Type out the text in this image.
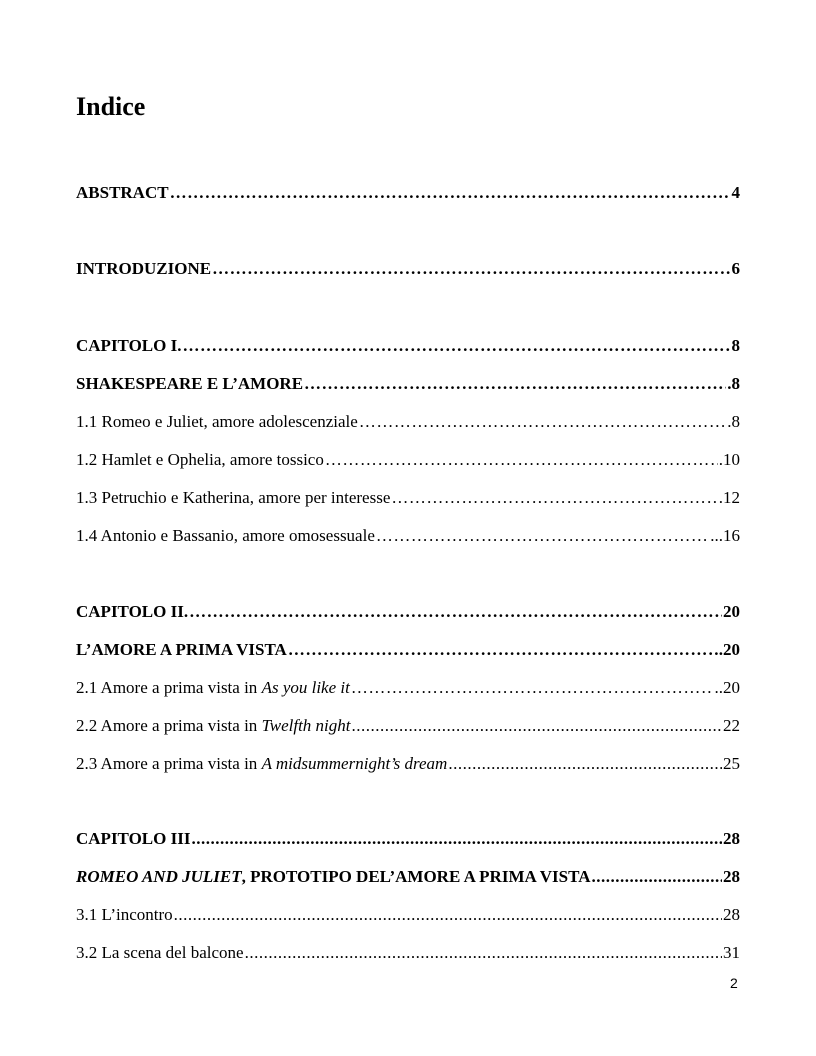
Indice
ABSTRACT ……………………………………………………………………………………………………………………………………………………	4
INTRODUZIONE ……………………………………………………………………………………………………………………………………………………	6
CAPITOLO I. ……………………………………………………………………………………………………………………………………………………	8
SHAKESPEARE E L’AMORE ……………………………………………………………………………………………………………………………………………………	.8
1.1 Romeo e Juliet, amore adolescenziale ……………………………………………………………………………………………………………………………………………………	.8
1.2 Hamlet e Ophelia, amore tossico ……………………………………………………………………………………………………………………………………………………	.10
1.3 Petruchio e Katherina, amore per interesse ……………………………………………………………………………………………………………………………………………………	.12
1.4 Antonio e Bassanio, amore omosessuale ……………………………………………………………………………………………………………………………………………………	...16
CAPITOLO II. ……………………………………………………………………………………………………………………………………………………	20
L’AMORE A PRIMA VISTA ……………………………………………………………………………………………………………………………………………………	.20
2.1 Amore a prima vista in As you like it ……………………………………………………………………………………………………………………………………………………	..20
2.2 Amore a prima vista in Twelfth night .....	22
2.3 Amore a prima vista in A midsummernight’s dream .....	25
CAPITOLO III .....	28
ROMEO AND JULIET, PROTOTIPO DEL’AMORE A PRIMA VISTA .....	28
3.1 L’incontro .....	28
3.2 La scena del balcone .....	31
2
